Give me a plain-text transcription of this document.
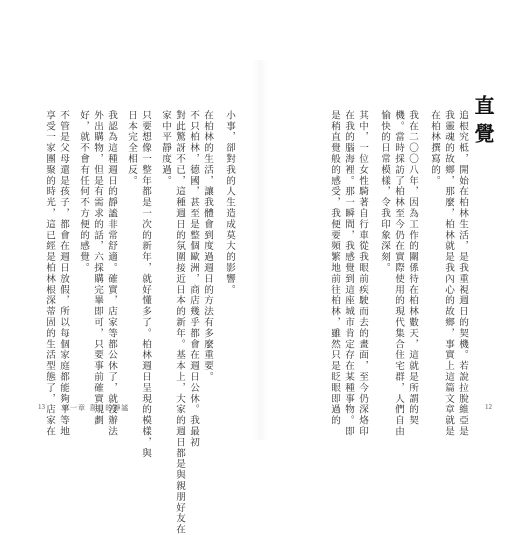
直覺
追根究柢，開始在柏林生活，是我重視週日的契機。若說拉脫維亞是
我靈魂的故鄉，那麼，柏林就是我內心的故鄉，事實上這篇文章就是
在柏林撰寫的。
我在二〇〇八年，因為工作的關係待在柏林數天，這就是所謂的契
機。當時採訪了柏林至今仍在實際使用的現代集合住宅群，人們自由
愉快的日常模樣，令我印象深刻。
其中，一位女性騎著自行車從我眼前疾駛而去的畫面，至今仍深烙印
在我的腦海裡。那一瞬間，我感覺到這座城市肯定存在某種事物。即
是稍直覺般的感受，我便要頻繁地前往柏林，雖然只是眨眼即過的	12
小事，卻對我的人生造成莫大的影響。
在柏林的生活，讓我體會到度過週日的方法有多麼重要。
不只柏林，德國，甚至是整個歐洲，商店幾乎都會在週日公休。我最初
對此驚訝不已，這種週日的氛圍接近日本的新年。基本上，大家的週日都是與親朋好友在
家中平靜度過。
只要想像一整年都是一次的新年，就好懂多了。柏林週日呈現的模樣，與
日本完全相反。
我認為這種週日的靜謐非常舒適。確實，店家等都公休了，就沒辦法
外出購物，但是有需求的話，六採購完畢即可，只要事前確實規劃
好，就不會有任何不方便的感覺。
不管是父母還是孩子，都會在週日放假，所以每個家庭都能夠平等地
享受一家團聚的時光，這已經是柏林根深蒂固的生活型態了，店家在
13 第一章 喜日的靜謐
